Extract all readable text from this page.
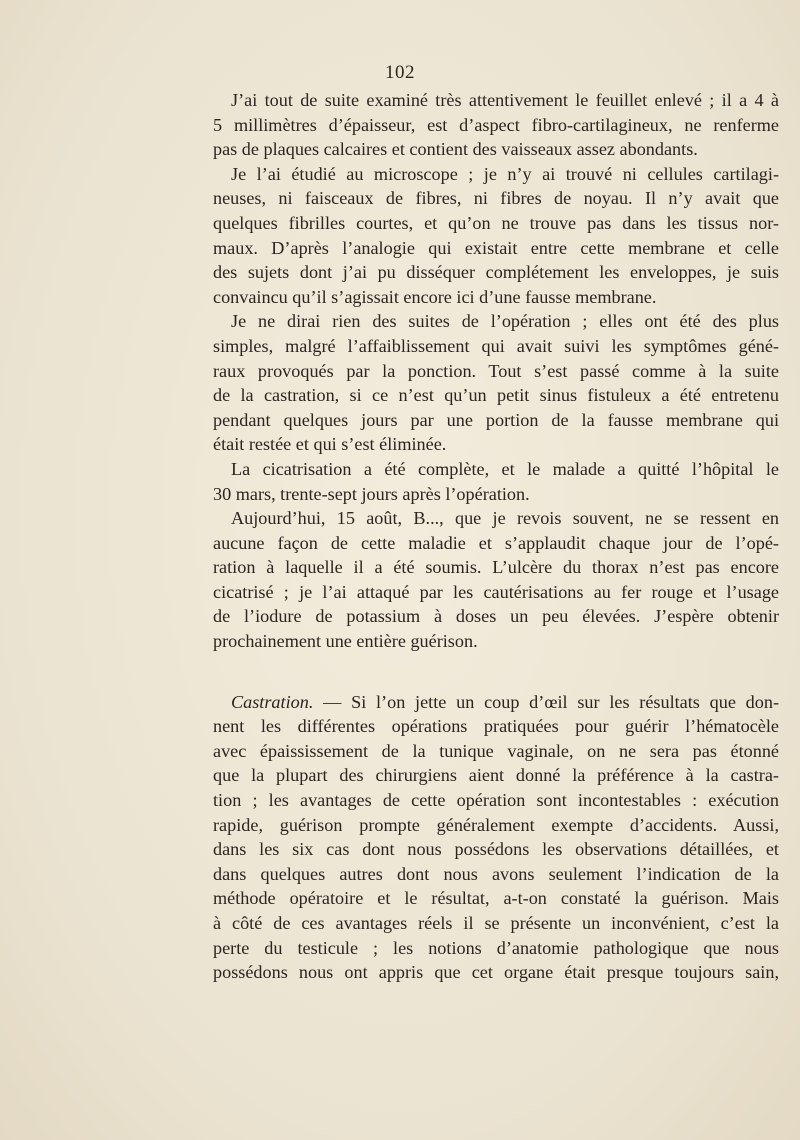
102
J’ai tout de suite examiné très attentivement le feuillet enlevé ; il a 4 à
5 millimètres d’épaisseur, est d’aspect fibro-cartilagineux, ne renferme
pas de plaques calcaires et contient des vaisseaux assez abondants.
Je l’ai étudié au microscope ; je n’y ai trouvé ni cellules cartilagi-
neuses, ni faisceaux de fibres, ni fibres de noyau. Il n’y avait que
quelques fibrilles courtes, et qu’on ne trouve pas dans les tissus nor-
maux. D’après l’analogie qui existait entre cette membrane et celle
des sujets dont j’ai pu disséquer complétement les enveloppes, je suis
convaincu qu’il s’agissait encore ici d’une fausse membrane.
Je ne dirai rien des suites de l’opération ; elles ont été des plus
simples, malgré l’affaiblissement qui avait suivi les symptômes géné-
raux provoqués par la ponction. Tout s’est passé comme à la suite
de la castration, si ce n’est qu’un petit sinus fistuleux a été entretenu
pendant quelques jours par une portion de la fausse membrane qui
était restée et qui s’est éliminée.
La cicatrisation a été complète, et le malade a quitté l’hôpital le
30 mars, trente-sept jours après l’opération.
Aujourd’hui, 15 août, B..., que je revois souvent, ne se ressent en
aucune façon de cette maladie et s’applaudit chaque jour de l’opé-
ration à laquelle il a été soumis. L’ulcère du thorax n’est pas encore
cicatrisé ; je l’ai attaqué par les cautérisations au fer rouge et l’usage
de l’iodure de potassium à doses un peu élevées. J’espère obtenir
prochainement une entière guérison.
Castration. — Si l’on jette un coup d’œil sur les résultats que don-
nent les différentes opérations pratiquées pour guérir l’hématocèle
avec épaississement de la tunique vaginale, on ne sera pas étonné
que la plupart des chirurgiens aient donné la préférence à la castra-
tion ; les avantages de cette opération sont incontestables : exécution
rapide, guérison prompte généralement exempte d’accidents. Aussi,
dans les six cas dont nous possédons les observations détaillées, et
dans quelques autres dont nous avons seulement l’indication de la
méthode opératoire et le résultat, a-t-on constaté la guérison. Mais
à côté de ces avantages réels il se présente un inconvénient, c’est la
perte du testicule ; les notions d’anatomie pathologique que nous
possédons nous ont appris que cet organe était presque toujours sain,
